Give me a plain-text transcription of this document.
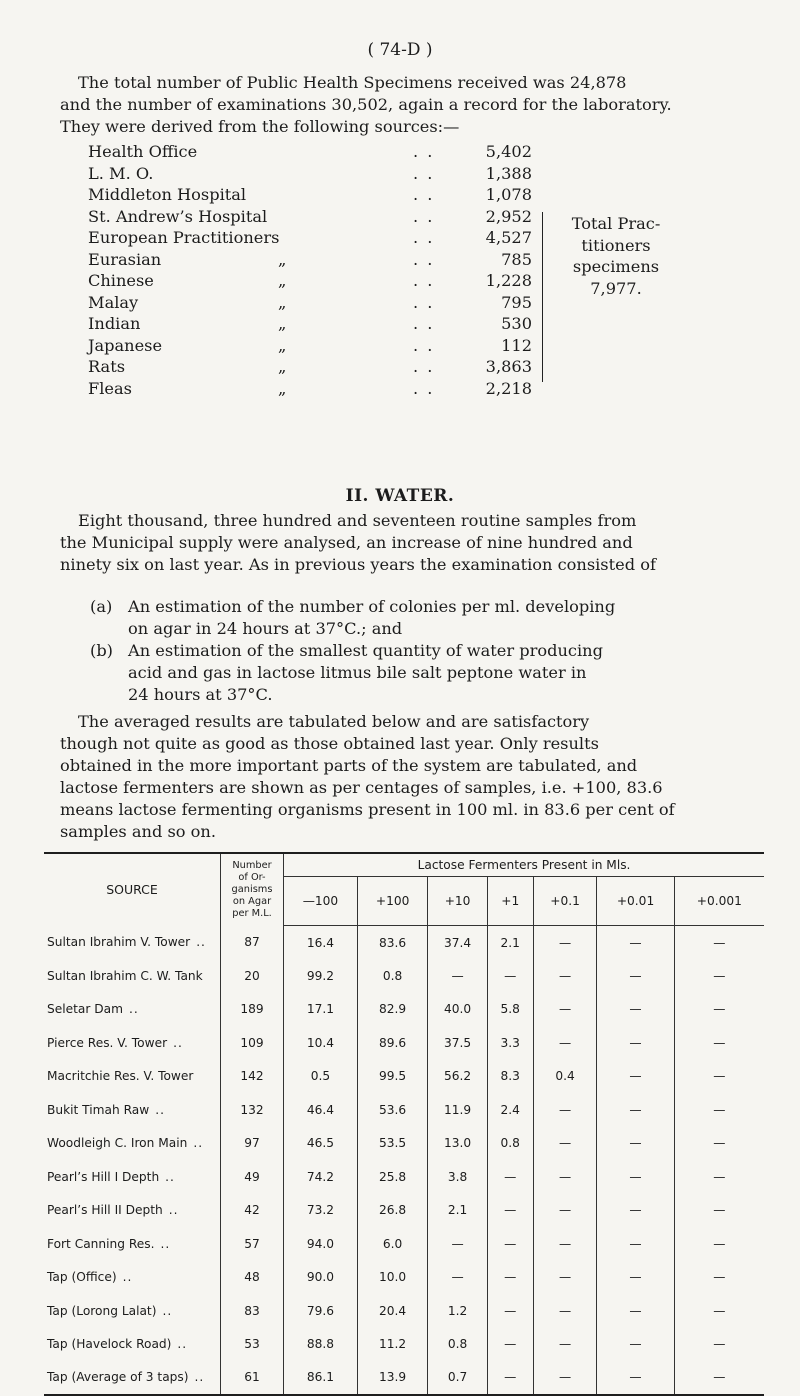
( 74-D )
The total number of Public Health Specimens received was 24,878
and the number of examinations 30,502, again a record for the laboratory.
They were derived from the following sources:—
Health Office	. .	5,402
L. M. O.	. .	1,388
Middleton Hospital	. .	1,078
St. Andrew’s Hospital	. .	2,952
European Practitioners	. .	4,527
Eurasian	„	. .	785
Chinese	„	. .	1,228
Malay	„	. .	795
Indian	„	. .	530
Japanese	„	. .	112
Rats	„	. .	3,863
Fleas	„	. .	2,218
Total Prac-
titioners
specimens
7,977.
II. WATER.
Eight thousand, three hundred and seventeen routine samples from
the Municipal supply were analysed, an increase of nine hundred and
ninety six on last year. As in previous years the examination consisted of
(a) An estimation of the number of colonies per ml. developing
on agar in 24 hours at 37°C.; and
(b) An estimation of the smallest quantity of water producing
acid and gas in lactose litmus bile salt peptone water in
24 hours at 37°C.
The averaged results are tabulated below and are satisfactory
though not quite as good as those obtained last year. Only results
obtained in the more important parts of the system are tabulated, and
lactose fermenters are shown as per centages of samples, i.e. +100, 83.6
means lactose fermenting organisms present in 100 ml. in 83.6 per cent of
samples and so on.
SOURCE	Number
of Or-
ganisms
on Agar
per M.L.	Lactose Fermenters Present in Mls.						
		—100	+100	+10	+1	+0.1	+0.01	+0.001
Sultan Ibrahim V. Tower ..	87	16.4	83.6	37.4	2.1	—	—	—
Sultan Ibrahim C. W. Tank	20	99.2	0.8	—	—	—	—	—
Seletar Dam ..	189	17.1	82.9	40.0	5.8	—	—	—
Pierce Res. V. Tower ..	109	10.4	89.6	37.5	3.3	—	—	—
Macritchie Res. V. Tower	142	0.5	99.5	56.2	8.3	0.4	—	—
Bukit Timah Raw ..	132	46.4	53.6	11.9	2.4	—	—	—
Woodleigh C. Iron Main ..	97	46.5	53.5	13.0	0.8	—	—	—
Pearl’s Hill I Depth ..	49	74.2	25.8	3.8	—	—	—	—
Pearl’s Hill II Depth ..	42	73.2	26.8	2.1	—	—	—	—
Fort Canning Res. ..	57	94.0	6.0	—	—	—	—	—
Tap (Office) ..	48	90.0	10.0	—	—	—	—	—
Tap (Lorong Lalat) ..	83	79.6	20.4	1.2	—	—	—	—
Tap (Havelock Road) ..	53	88.8	11.2	0.8	—	—	—	—
Tap (Average of 3 taps) ..	61	86.1	13.9	0.7	—	—	—	—
